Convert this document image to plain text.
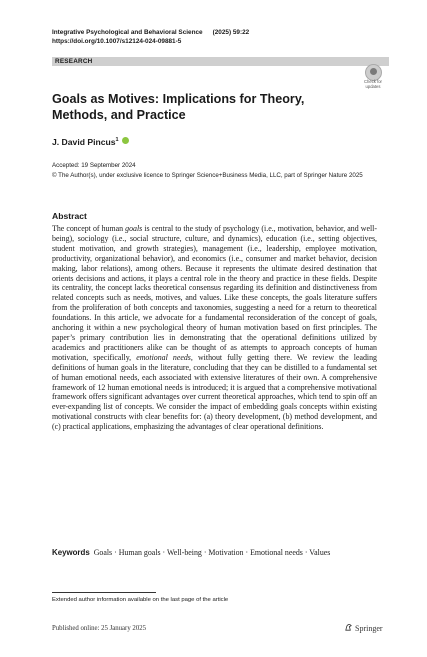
Integrative Psychological and Behavioral Science (2025) 59:22
https://doi.org/10.1007/s12124-024-09881-5
RESEARCH
Check for updates
Goals as Motives: Implications for Theory, Methods, and Practice
J. David Pincus$^1$
Accepted: 19 September 2024
© The Author(s), under exclusive licence to Springer Science+Business Media, LLC, part of Springer Nature 2025
Abstract

The concept of human goals is central to the study of psychology (i.e., motivation, behavior, and well-being), sociology (i.e., social structure, culture, and dynamics), education (i.e., setting objectives, student motivation, and growth strategies), management (i.e., leadership, employee motivation, productivity, organizational behavior), and economics (i.e., consumer and market behavior, decision making, labor relations), among others. Because it represents the ultimate desired destination that orients decisions and actions, it plays a central role in the theory and practice in these fields. Despite its centrality, the concept lacks theoretical consensus regarding its definition and distinctiveness from related concepts such as needs, motives, and values. Like these concepts, the goals literature suffers from the proliferation of both concepts and taxonomies, suggesting a need for a return to theoretical foundations. In this article, we advocate for a fundamental reconsideration of the concept of goals, anchoring it within a new psychological theory of human motivation based on first principles. The paper’s primary contribution lies in demonstrating that the operational definitions utilized by academics and practitioners alike can be thought of as attempts to approach concepts of human motivation, specifically, emotional needs, without fully getting there. We review the leading definitions of human goals in the literature, concluding that they can be distilled to a fundamental set of human emotional needs, each associated with extensive literatures of their own. A comprehensive framework of 12 human emotional needs is introduced; it is argued that a comprehensive motivational framework offers significant advantages over current theoretical approaches, which tend to spin off an ever-expanding list of concepts. We consider the impact of embedding goals concepts within existing motivational constructs with clear benefits for: (a) theory development, (b) method development, and (c) practical applications, emphasizing the advantages of clear operational definitions.

Keywords Goals · Human goals · Well-being · Motivation · Emotional needs · Values
Extended author information available on the last page of the article
Published online: 25 January 2025	Springer
